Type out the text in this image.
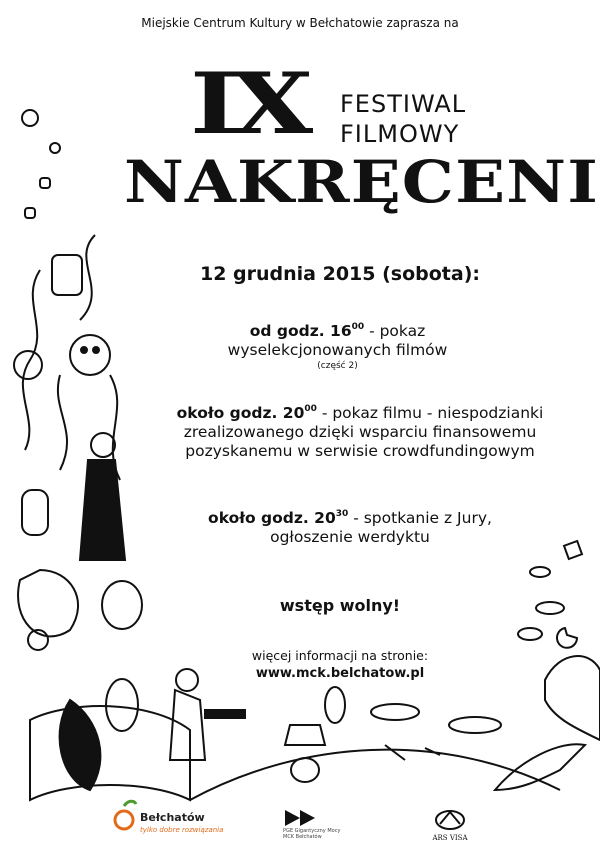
Miejskie Centrum Kultury w Bełchatowie zaprasza na
IX FESTIWAL
FILMOWY
NAKRĘCENI
12 grudnia 2015 (sobota):
od godz. $16^{00}$ - pokaz
wyselekcjonowanych filmów
(część 2)
około godz. $20^{00}$ - pokaz filmu - niespodzianki
zrealizowanego dzięki wsparciu finansowemu
pozyskanemu w serwisie crowdfundingowym
około godz. $20^{30}$ - spotkanie z Jury,
ogłoszenie werdyktu
wstęp wolny!
więcej informacji na stronie:
www.mck.belchatow.pl
Bełchatów
tylko dobre rozwiązania	PGE Gigantyczny Mocy MCK Bełchatów	ARS VISA
